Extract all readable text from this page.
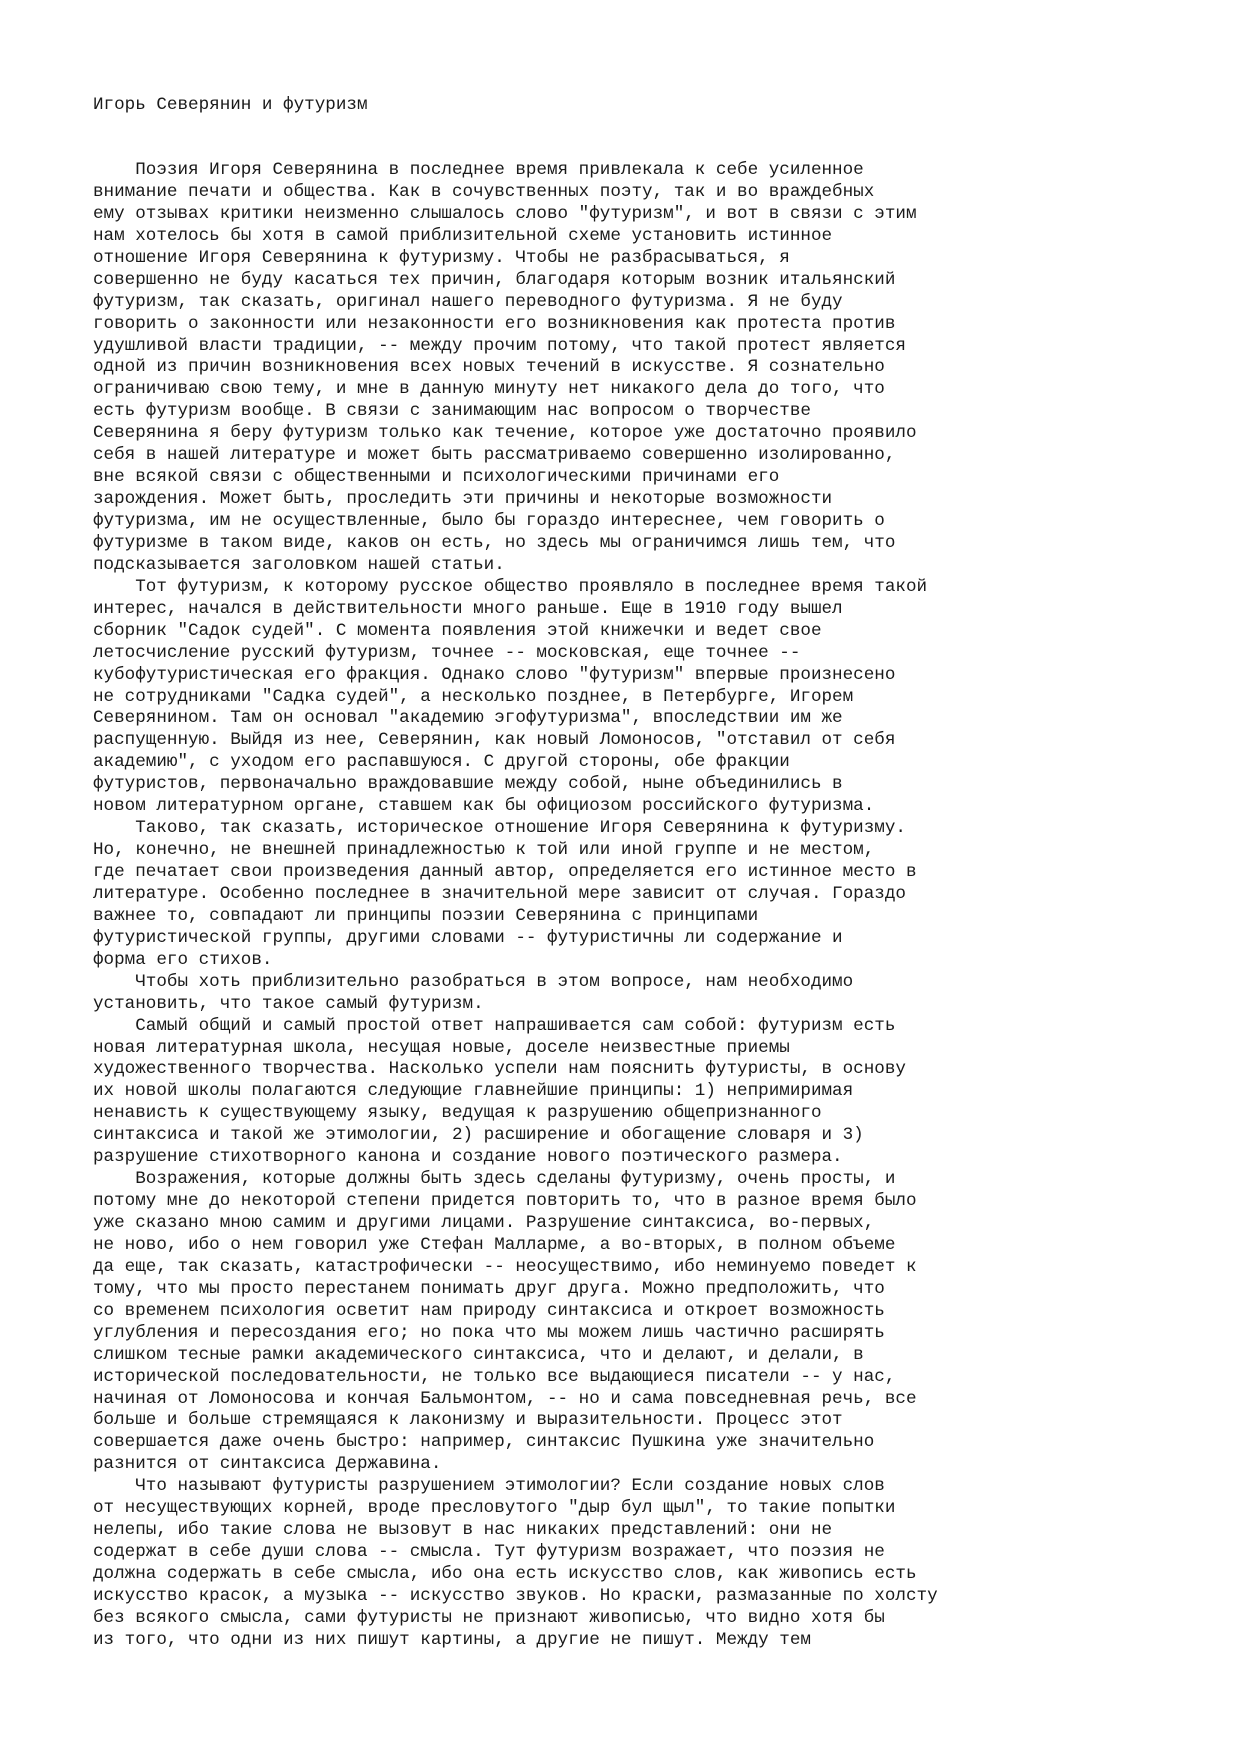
Игорь Северянин и футуризм
Поэзия Игоря Северянина в последнее время привлекала к себе усиленное
внимание печати и общества. Как в сочувственных поэту, так и во враждебных
ему отзывах критики неизменно слышалось слово "футуризм", и вот в связи с этим
нам хотелось бы хотя в самой приблизительной схеме установить истинное
отношение Игоря Северянина к футуризму. Чтобы не разбрасываться, я
совершенно не буду касаться тех причин, благодаря которым возник итальянский
футуризм, так сказать, оригинал нашего переводного футуризма. Я не буду
говорить о законности или незаконности его возникновения как протеста против
удушливой власти традиции, -- между прочим потому, что такой протест является
одной из причин возникновения всех новых течений в искусстве. Я сознательно
ограничиваю свою тему, и мне в данную минуту нет никакого дела до того, что
есть футуризм вообще. В связи с занимающим нас вопросом о творчестве
Северянина я беру футуризм только как течение, которое уже достаточно проявило
себя в нашей литературе и может быть рассматриваемо совершенно изолированно,
вне всякой связи с общественными и психологическими причинами его
зарождения. Может быть, проследить эти причины и некоторые возможности
футуризма, им не осуществленные, было бы гораздо интереснее, чем говорить о
футуризме в таком виде, каков он есть, но здесь мы ограничимся лишь тем, что
подсказывается заголовком нашей статьи.
Тот футуризм, к которому русское общество проявляло в последнее время такой
интерес, начался в действительности много раньше. Еще в 1910 году вышел
сборник "Садок судей". С момента появления этой книжечки и ведет свое
летосчисление русский футуризм, точнее -- московская, еще точнее --
кубофутуристическая его фракция. Однако слово "футуризм" впервые произнесено
не сотрудниками "Садка судей", а несколько позднее, в Петербурге, Игорем
Северянином. Там он основал "академию эгофутуризма", впоследствии им же
распущенную. Выйдя из нее, Северянин, как новый Ломоносов, "отставил от себя
академию", с уходом его распавшуюся. С другой стороны, обе фракции
футуристов, первоначально враждовавшие между собой, ныне объединились в
новом литературном органе, ставшем как бы официозом российского футуризма.
Таково, так сказать, историческое отношение Игоря Северянина к футуризму.
Но, конечно, не внешней принадлежностью к той или иной группе и не местом,
где печатает свои произведения данный автор, определяется его истинное место в
литературе. Особенно последнее в значительной мере зависит от случая. Гораздо
важнее то, совпадают ли принципы поэзии Северянина с принципами
футуристической группы, другими словами -- футуристичны ли содержание и
форма его стихов.
Чтобы хоть приблизительно разобраться в этом вопросе, нам необходимо
установить, что такое самый футуризм.
Самый общий и самый простой ответ напрашивается сам собой: футуризм есть
новая литературная школа, несущая новые, доселе неизвестные приемы
художественного творчества. Насколько успели нам пояснить футуристы, в основу
их новой школы полагаются следующие главнейшие принципы: 1) непримиримая
ненависть к существующему языку, ведущая к разрушению общепризнанного
синтаксиса и такой же этимологии, 2) расширение и обогащение словаря и 3)
разрушение стихотворного канона и создание нового поэтического размера.
Возражения, которые должны быть здесь сделаны футуризму, очень просты, и
потому мне до некоторой степени придется повторить то, что в разное время было
уже сказано мною самим и другими лицами. Разрушение синтаксиса, во-первых,
не ново, ибо о нем говорил уже Стефан Малларме, а во-вторых, в полном объеме
да еще, так сказать, катастрофически -- неосуществимо, ибо неминуемо поведет к
тому, что мы просто перестанем понимать друг друга. Можно предположить, что
со временем психология осветит нам природу синтаксиса и откроет возможность
углубления и пересоздания его; но пока что мы можем лишь частично расширять
слишком тесные рамки академического синтаксиса, что и делают, и делали, в
исторической последовательности, не только все выдающиеся писатели -- у нас,
начиная от Ломоносова и кончая Бальмонтом, -- но и сама повседневная речь, все
больше и больше стремящаяся к лаконизму и выразительности. Процесс этот
совершается даже очень быстро: например, синтаксис Пушкина уже значительно
разнится от синтаксиса Державина.
Что называют футуристы разрушением этимологии? Если создание новых слов
от несуществующих корней, вроде пресловутого "дыр бул щыл", то такие попытки
нелепы, ибо такие слова не вызовут в нас никаких представлений: они не
содержат в себе души слова -- смысла. Тут футуризм возражает, что поэзия не
должна содержать в себе смысла, ибо она есть искусство слов, как живопись есть
искусство красок, а музыка -- искусство звуков. Но краски, размазанные по холсту
без всякого смысла, сами футуристы не признают живописью, что видно хотя бы
из того, что одни из них пишут картины, а другие не пишут. Между тем
